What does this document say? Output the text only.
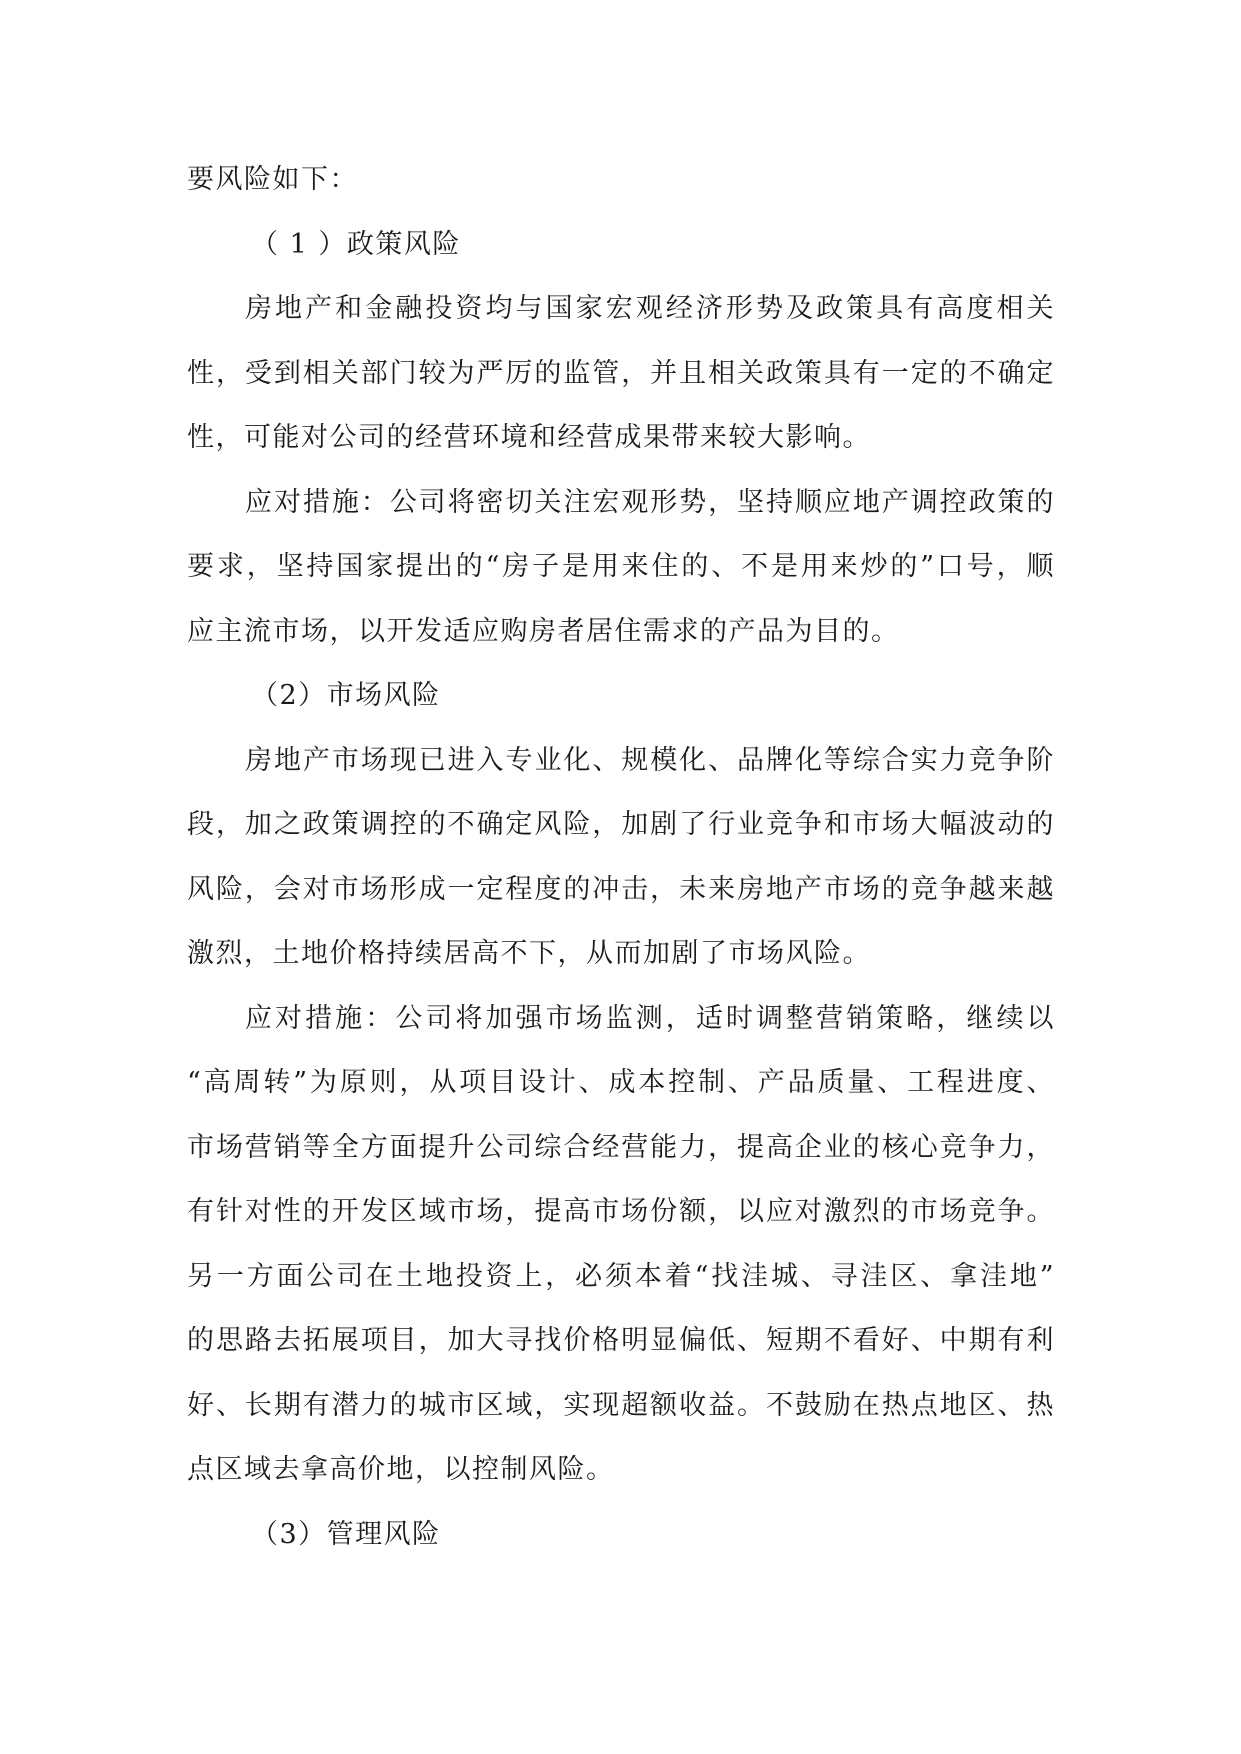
要风险如下：
（ 1 ）政策风险
房地产和金融投资均与国家宏观经济形势及政策具有高度相关
性，受到相关部门较为严厉的监管，并且相关政策具有一定的不确定
性，可能对公司的经营环境和经营成果带来较大影响。
应对措施：公司将密切关注宏观形势，坚持顺应地产调控政策的
要求，坚持国家提出的“房子是用来住的、不是用来炒的”口号，顺
应主流市场，以开发适应购房者居住需求的产品为目的。
（2）市场风险
房地产市场现已进入专业化、规模化、品牌化等综合实力竞争阶
段，加之政策调控的不确定风险，加剧了行业竞争和市场大幅波动的
风险，会对市场形成一定程度的冲击，未来房地产市场的竞争越来越
激烈，土地价格持续居高不下，从而加剧了市场风险。
应对措施：公司将加强市场监测，适时调整营销策略，继续以
“高周转”为原则，从项目设计、成本控制、产品质量、工程进度、
市场营销等全方面提升公司综合经营能力，提高企业的核心竞争力，
有针对性的开发区域市场，提高市场份额，以应对激烈的市场竞争。
另一方面公司在土地投资上，必须本着“找洼城、寻洼区、拿洼地”
的思路去拓展项目，加大寻找价格明显偏低、短期不看好、中期有利
好、长期有潜力的城市区域，实现超额收益。不鼓励在热点地区、热
点区域去拿高价地，以控制风险。
（3）管理风险
